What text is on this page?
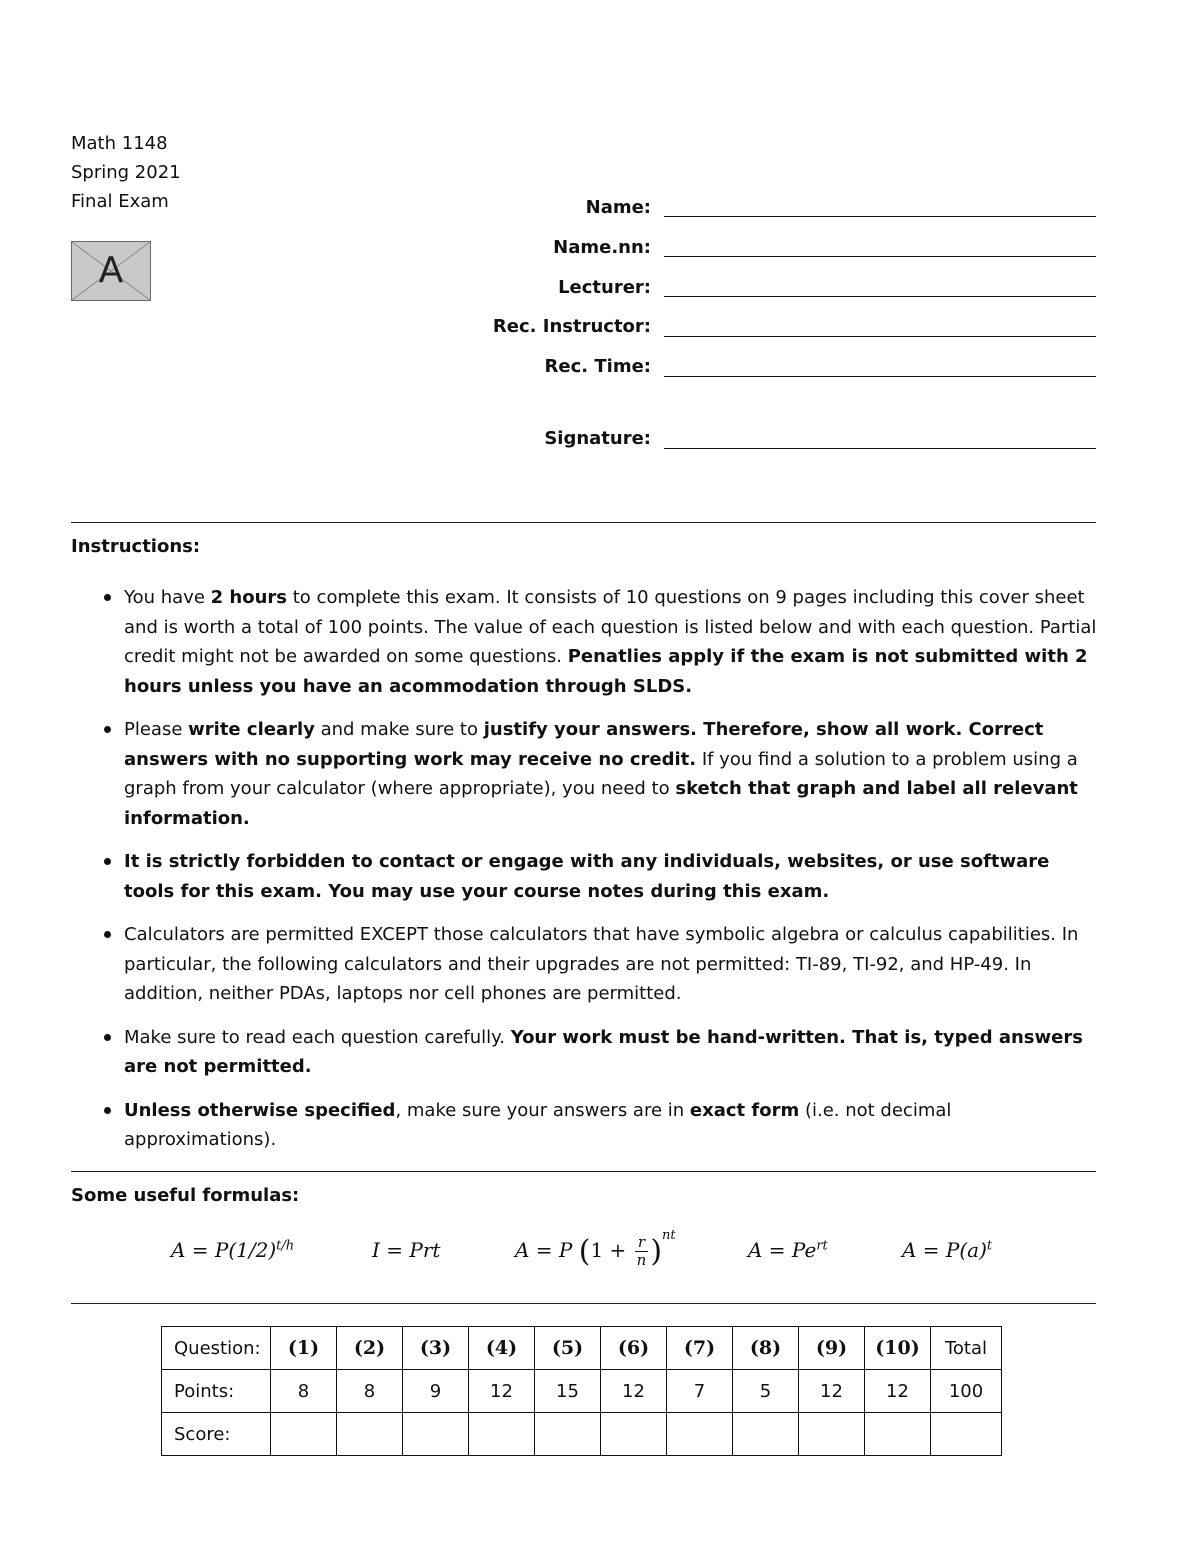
Math 1148
Spring 2021
Final Exam
A
Name:
Name.nn:
Lecturer:
Rec. Instructor:
Rec. Time:
Signature:
Instructions:
You have 2 hours to complete this exam. It consists of 10 questions on 9 pages including this cover sheet and is worth a total of 100 points. The value of each question is listed below and with each question. Partial credit might not be awarded on some questions. Penatlies apply if the exam is not submitted with 2 hours unless you have an acommodation through SLDS.
Please write clearly and make sure to justify your answers. Therefore, show all work. Correct answers with no supporting work may receive no credit. If you find a solution to a problem using a graph from your calculator (where appropriate), you need to sketch that graph and label all relevant information.
It is strictly forbidden to contact or engage with any individuals, websites, or use software tools for this exam. You may use your course notes during this exam.
Calculators are permitted EXCEPT those calculators that have symbolic algebra or calculus capabilities. In particular, the following calculators and their upgrades are not permitted: TI-89, TI-92, and HP-49. In addition, neither PDAs, laptops nor cell phones are permitted.
Make sure to read each question carefully. Your work must be hand-written. That is, typed answers are not permitted.
Unless otherwise specified, make sure your answers are in exact form (i.e. not decimal approximations).
Some useful formulas:
$A = P(1/2)^{t/h}$	I = Prt	A = P $(1 + \frac{r}{n} )^{nt}$
$A = Pe^{rt}$	$A = P(a)^t$
Question:	(1)	(2)	(3)	(4)	(5)	(6)	(7)	(8)	(9)	(10)	Total
Points:	8	8	9	12	15	12	7	5	12	12	100
Score:											
